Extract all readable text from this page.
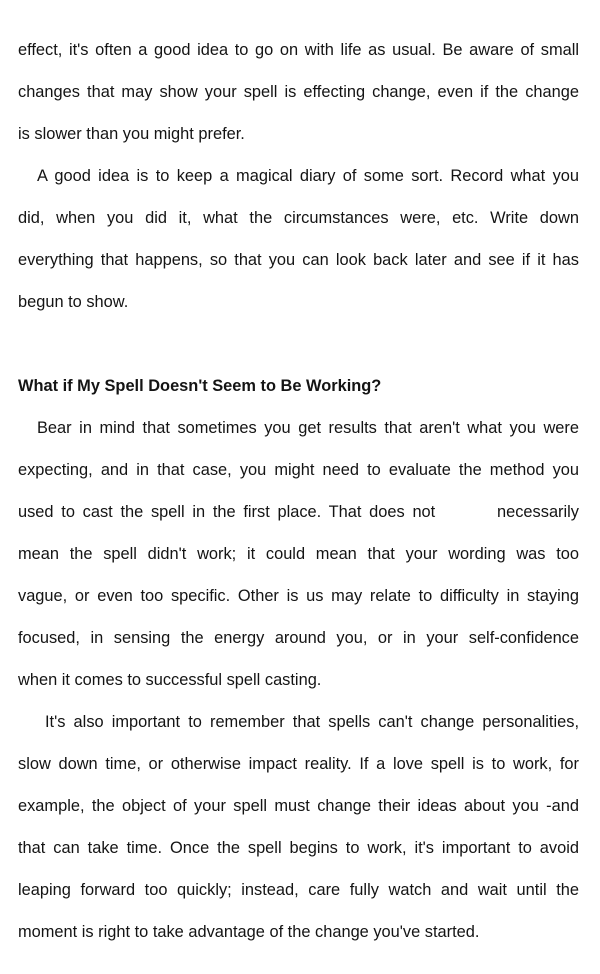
effect, it's often a good idea to go on with life as usual. Be aware of small
changes that may show your spell is effecting change, even if the change
is slower than you might prefer.
A good idea is to keep a magical diary of some sort. Record what you
did, when you did it, what the circumstances were, etc. Write down
everything that happens, so that you can look back later and see if it has
begun to show.
What if My Spell Doesn't Seem to Be Working?
Bear in mind that sometimes you get results that aren't what you were
expecting, and in that case, you might need to evaluate the method you
used to cast the spell in the first place. That does not        necessarily
mean the spell didn't work; it could mean that your wording was too
vague, or even too specific. Other is us may relate to difficulty in staying
focused, in sensing the energy around you, or in your self-confidence
when it comes to successful spell casting.
It's also important to remember that spells can't change personalities,
slow down time, or otherwise impact reality. If a love spell is to work, for
example, the object of your spell must change their ideas about you -and
that can take time. Once the spell begins to work, it's important to avoid
leaping forward too quickly; instead, care fully watch and wait until the
moment is right to take advantage of the change you've started.
